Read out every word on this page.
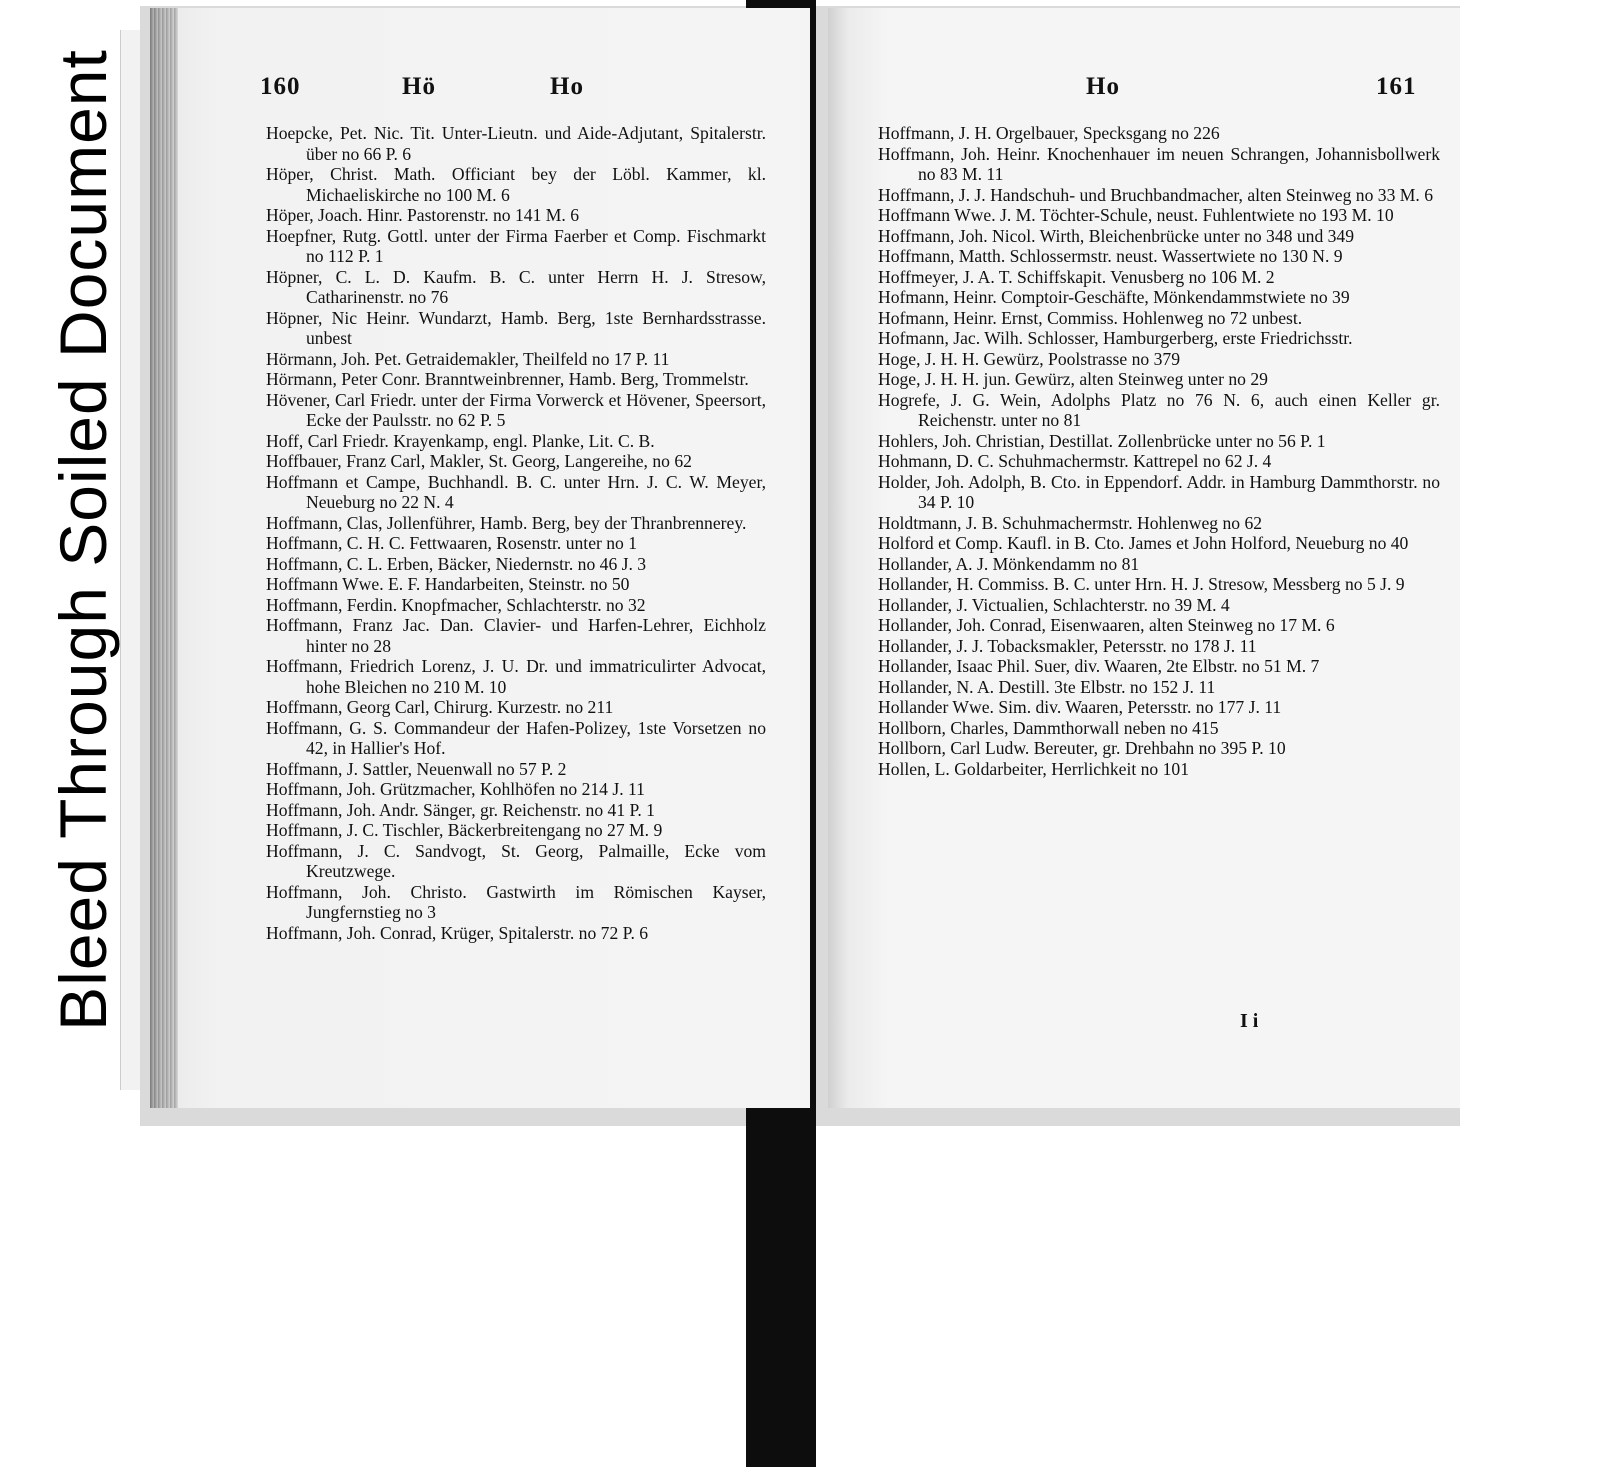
Bleed Through Soiled Document	160	Hö	Ho
Hoepcke, Pet. Nic. Tit. Unter-Lieutn. und Aide-Adjutant, Spitalerstr. über no 66 P. 6
Höper, Christ. Math. Officiant bey der Löbl. Kammer, kl. Michaeliskirche no 100 M. 6
Höper, Joach. Hinr. Pastorenstr. no 141 M. 6
Hoepfner, Rutg. Gottl. unter der Firma Faerber et Comp. Fischmarkt no 112 P. 1
Höpner, C. L. D. Kaufm. B. C. unter Herrn H. J. Stresow, Catharinenstr. no 76
Höpner, Nic Heinr. Wundarzt, Hamb. Berg, 1ste Bernhardsstrasse. unbest
Hörmann, Joh. Pet. Getraidemakler, Theilfeld no 17 P. 11
Hörmann, Peter Conr. Branntweinbrenner, Hamb. Berg, Trommelstr.
Hövener, Carl Friedr. unter der Firma Vorwerck et Hövener, Speersort, Ecke der Paulsstr. no 62 P. 5
Hoff, Carl Friedr. Krayenkamp, engl. Planke, Lit. C. B.
Hoffbauer, Franz Carl, Makler, St. Georg, Langereihe, no 62
Hoffmann et Campe, Buchhandl. B. C. unter Hrn. J. C. W. Meyer, Neueburg no 22 N. 4
Hoffmann, Clas, Jollenführer, Hamb. Berg, bey der Thranbrennerey.
Hoffmann, C. H. C. Fettwaaren, Rosenstr. unter no 1
Hoffmann, C. L. Erben, Bäcker, Niedernstr. no 46 J. 3
Hoffmann Wwe. E. F. Handarbeiten, Steinstr. no 50
Hoffmann, Ferdin. Knopfmacher, Schlachterstr. no 32
Hoffmann, Franz Jac. Dan. Clavier- und Harfen-Lehrer, Eichholz hinter no 28
Hoffmann, Friedrich Lorenz, J. U. Dr. und immatriculirter Advocat, hohe Bleichen no 210 M. 10
Hoffmann, Georg Carl, Chirurg. Kurzestr. no 211
Hoffmann, G. S. Commandeur der Hafen-Polizey, 1ste Vorsetzen no 42, in Hallier's Hof.
Hoffmann, J. Sattler, Neuenwall no 57 P. 2
Hoffmann, Joh. Grützmacher, Kohlhöfen no 214 J. 11
Hoffmann, Joh. Andr. Sänger, gr. Reichenstr. no 41 P. 1
Hoffmann, J. C. Tischler, Bäckerbreitengang no 27 M. 9
Hoffmann, J. C. Sandvogt, St. Georg, Palmaille, Ecke vom Kreutzwege.
Hoffmann, Joh. Christo. Gastwirth im Römischen Kayser, Jungfernstieg no 3
Hoffmann, Joh. Conrad, Krüger, Spitalerstr. no 72 P. 6
Ho	161
Hoffmann, J. H. Orgelbauer, Specksgang no 226
Hoffmann, Joh. Heinr. Knochenhauer im neuen Schrangen, Johannisbollwerk no 83 M. 11
Hoffmann, J. J. Handschuh- und Bruchbandmacher, alten Steinweg no 33 M. 6
Hoffmann Wwe. J. M. Töchter-Schule, neust. Fuhlentwiete no 193 M. 10
Hoffmann, Joh. Nicol. Wirth, Bleichenbrücke unter no 348 und 349
Hoffmann, Matth. Schlossermstr. neust. Wassertwiete no 130 N. 9
Hoffmeyer, J. A. T. Schiffskapit. Venusberg no 106 M. 2
Hofmann, Heinr. Comptoir-Geschäfte, Mönkendammstwiete no 39
Hofmann, Heinr. Ernst, Commiss. Hohlenweg no 72 unbest.
Hofmann, Jac. Wilh. Schlosser, Hamburgerberg, erste Friedrichsstr.
Hoge, J. H. H. Gewürz, Poolstrasse no 379
Hoge, J. H. H. jun. Gewürz, alten Steinweg unter no 29
Hogrefe, J. G. Wein, Adolphs Platz no 76 N. 6, auch einen Keller gr. Reichenstr. unter no 81
Hohlers, Joh. Christian, Destillat. Zollenbrücke unter no 56 P. 1
Hohmann, D. C. Schuhmachermstr. Kattrepel no 62 J. 4
Holder, Joh. Adolph, B. Cto. in Eppendorf. Addr. in Hamburg Dammthorstr. no 34 P. 10
Holdtmann, J. B. Schuhmachermstr. Hohlenweg no 62
Holford et Comp. Kaufl. in B. Cto. James et John Holford, Neueburg no 40
Hollander, A. J. Mönkendamm no 81
Hollander, H. Commiss. B. C. unter Hrn. H. J. Stresow, Messberg no 5 J. 9
Hollander, J. Victualien, Schlachterstr. no 39 M. 4
Hollander, Joh. Conrad, Eisenwaaren, alten Steinweg no 17 M. 6
Hollander, J. J. Tobacksmakler, Petersstr. no 178 J. 11
Hollander, Isaac Phil. Suer, div. Waaren, 2te Elbstr. no 51 M. 7
Hollander, N. A. Destill. 3te Elbstr. no 152 J. 11
Hollander Wwe. Sim. div. Waaren, Petersstr. no 177 J. 11
Hollborn, Charles, Dammthorwall neben no 415
Hollborn, Carl Ludw. Bereuter, gr. Drehbahn no 395 P. 10
Hollen, L. Goldarbeiter, Herrlichkeit no 101
I i
